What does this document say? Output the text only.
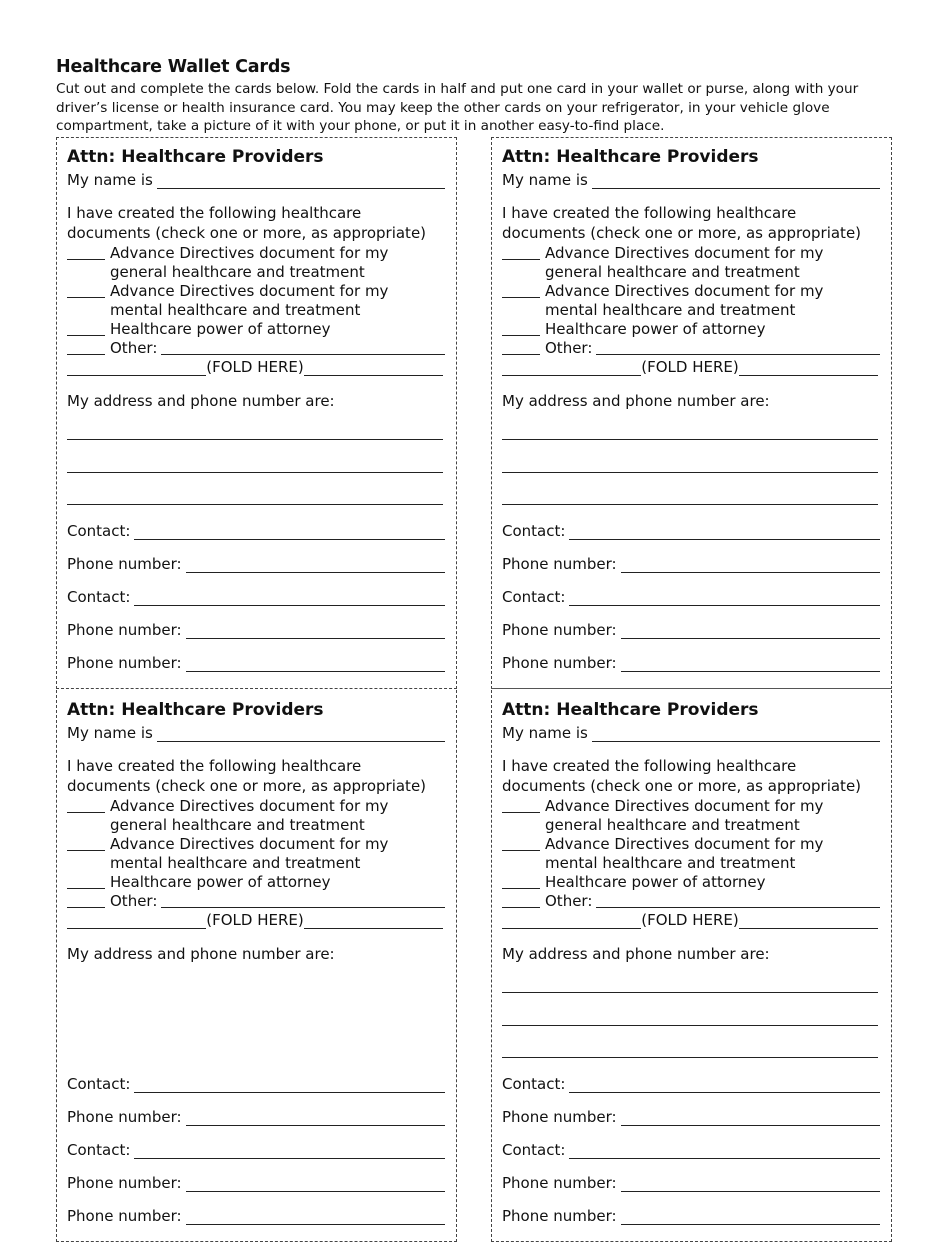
Healthcare Wallet Cards
Cut out and complete the cards below. Fold the cards in half and put one card in your wallet or purse, along with your driver’s license or health insurance card. You may keep the other cards on your refrigerator, in your vehicle glove compartment, take a picture of it with your phone, or put it in another easy-to-find place.
Attn: Healthcare Providers
My name is
I have created the following healthcare
documents (check one or more, as appropriate)
Advance Directives document for my
general healthcare and treatment
Advance Directives document for my
mental healthcare and treatment
Healthcare power of attorney
Other:
(FOLD HERE)
My address and phone number are:
Contact:
Phone number:
Contact:
Phone number:
Phone number:
Attn: Healthcare Providers
My name is
I have created the following healthcare
documents (check one or more, as appropriate)
Advance Directives document for my
general healthcare and treatment
Advance Directives document for my
mental healthcare and treatment
Healthcare power of attorney
Other:
(FOLD HERE)
My address and phone number are:
Contact:
Phone number:
Contact:
Phone number:
Phone number:
Attn: Healthcare Providers
My name is
I have created the following healthcare
documents (check one or more, as appropriate)
Advance Directives document for my
general healthcare and treatment
Advance Directives document for my
mental healthcare and treatment
Healthcare power of attorney
Other:
(FOLD HERE)
My address and phone number are:
Contact:
Phone number:
Contact:
Phone number:
Phone number:
Attn: Healthcare Providers
My name is
I have created the following healthcare
documents (check one or more, as appropriate)
Advance Directives document for my
general healthcare and treatment
Advance Directives document for my
mental healthcare and treatment
Healthcare power of attorney
Other:
(FOLD HERE)
My address and phone number are:
Contact:
Phone number:
Contact:
Phone number:
Phone number:
